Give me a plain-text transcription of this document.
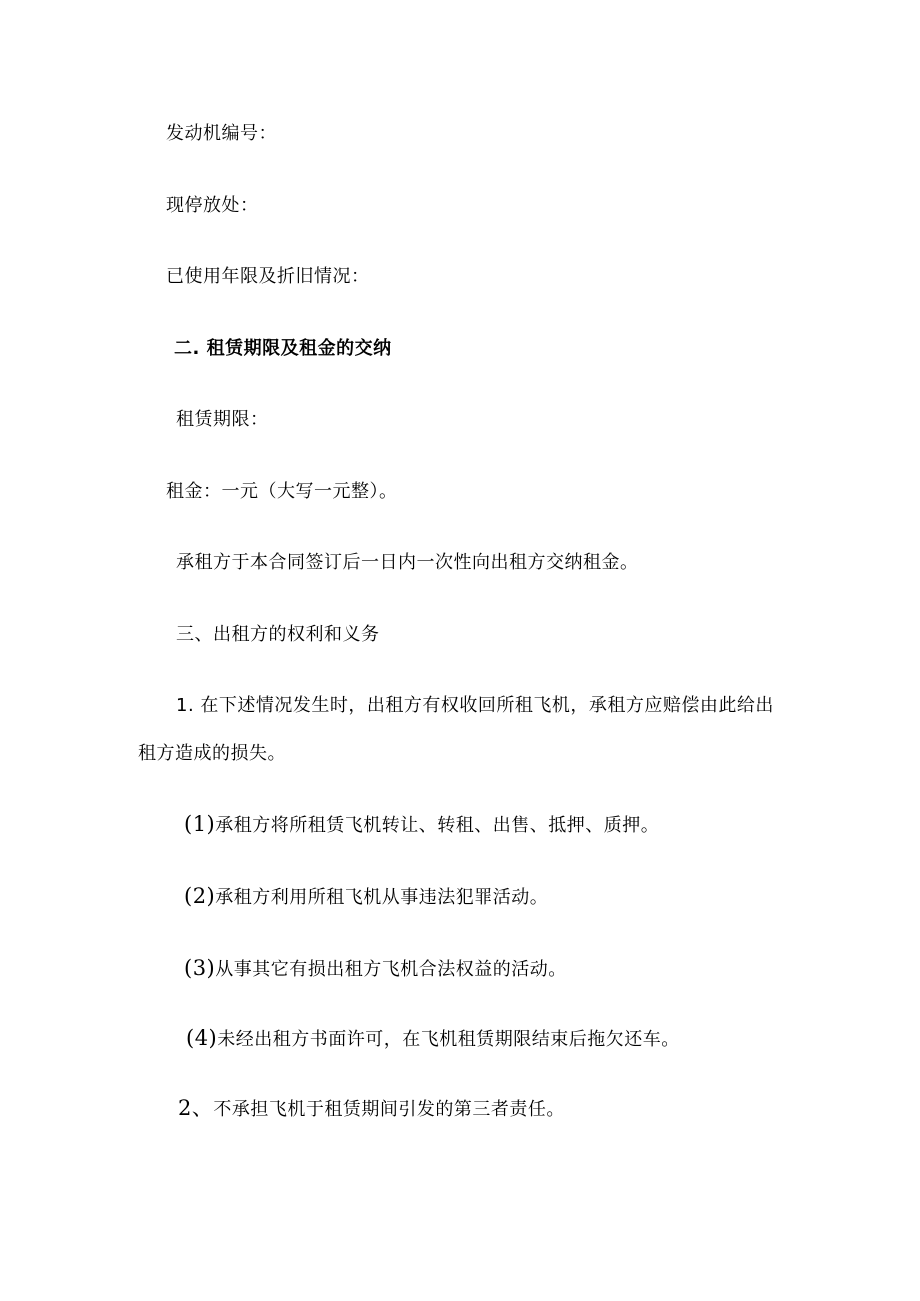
发动机编号：
现停放处：
已使用年限及折旧情况：
二. 租赁期限及租金的交纳
租赁期限：
租金：一元（大写一元整）。
承租方于本合同签订后一日内一次性向出租方交纳租金。
三、出租方的权利和义务
1. 在下述情况发生时，出租方有权收回所租飞机，承租方应赔偿由此给出
租方造成的损失。
(1)承租方将所租赁飞机转让、转租、出售、抵押、质押。
(2)承租方利用所租飞机从事违法犯罪活动。
(3)从事其它有损出租方飞机合法权益的活动。
(4)未经出租方书面许可，在飞机租赁期限结束后拖欠还车。
2、不承担飞机于租赁期间引发的第三者责任。
